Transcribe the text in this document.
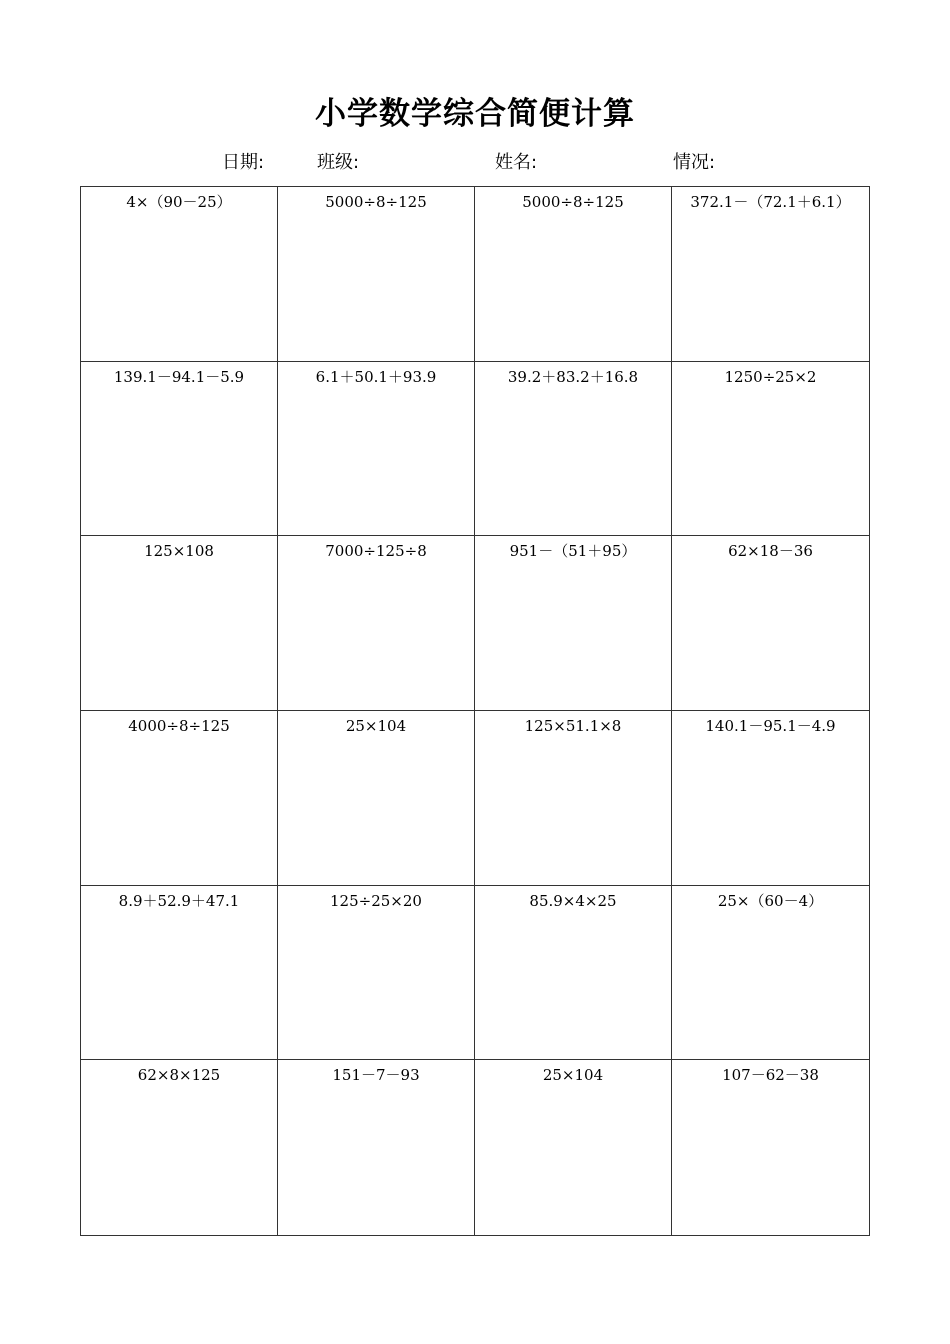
小学数学综合简便计算
日期:	班级:	姓名:	情况:
4×（90－25）	5000÷8÷125	5000÷8÷125	372.1－（72.1＋6.1）
139.1－94.1－5.9	6.1＋50.1＋93.9	39.2＋83.2＋16.8	1250÷25×2
125×108	7000÷125÷8	951－（51＋95）	62×18－36
4000÷8÷125	25×104	125×51.1×8	140.1－95.1－4.9
8.9＋52.9＋47.1	125÷25×20	85.9×4×25	25×（60－4）
62×8×125	151－7－93	25×104	107－62－38
